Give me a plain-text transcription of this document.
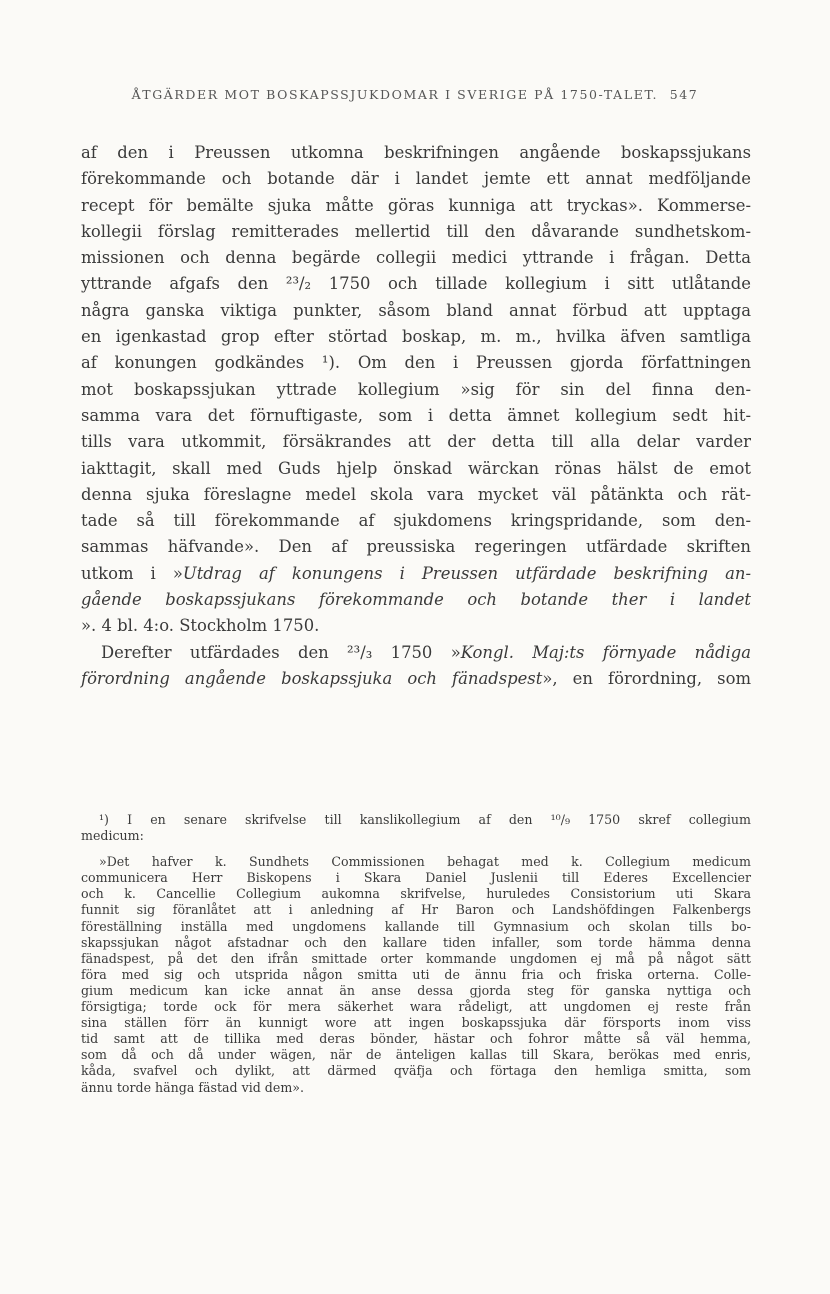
ÅTGÄRDER MOT BOSKAPSSJUKDOMAR I SVERIGE PÅ 1750-TALET. 547
af den i Preussen utkomna beskrifningen angående boskapssjukans
förekommande och botande där i landet jemte ett annat medföljande
recept för bemälte sjuka måtte göras kunniga att tryckas». Kommerse-
kollegii förslag remitterades mellertid till den dåvarande sundhetskom-
missionen och denna begärde collegii medici yttrande i frågan. Detta
yttrande afgafs den ²³/₂ 1750 och tillade kollegium i sitt utlåtande
några ganska viktiga punkter, såsom bland annat förbud att upptaga
en igenkastad grop efter störtad boskap, m. m., hvilka äfven samtliga
af konungen godkändes ¹). Om den i Preussen gjorda författningen
mot boskapssjukan yttrade kollegium »sig för sin del finna den-
samma vara det förnuftigaste, som i detta ämnet kollegium sedt hit-
tills vara utkommit, försäkrandes att der detta till alla delar varder
iakttagit, skall med Guds hjelp önskad wärckan rönas hälst de emot
denna sjuka föreslagne medel skola vara mycket väl påtänkta och rät-
tade så till förekommande af sjukdomens kringspridande, som den-
sammas häfvande». Den af preussiska regeringen utfärdade skriften
utkom i »Utdrag af konungens i Preussen utfärdade beskrifning an-
gående boskapssjukans förekommande och botande ther i landet
». 4 bl. 4:o. Stockholm 1750.
Derefter utfärdades den ²³/₃ 1750 »Kongl. Maj:ts förnyade nådiga
förordning angående boskapssjuka och fänadspest», en förordning, som
¹) I en senare skrifvelse till kanslikollegium af den ¹⁰/₉ 1750 skref collegium
medicum:
»Det hafver k. Sundhets Commissionen behagat med k. Collegium medicum
communicera Herr Biskopens i Skara Daniel Juslenii till Ederes Excellencier
och k. Cancellie Collegium aukomna skrifvelse, huruledes Consistorium uti Skara
funnit sig föranlåtet att i anledning af Hr Baron och Landshöfdingen Falkenbergs
föreställning inställa med ungdomens kallande till Gymnasium och skolan tills bo-
skapssjukan något afstadnar och den kallare tiden infaller, som torde hämma denna
fänadspest, på det den ifrån smittade orter kommande ungdomen ej må på något sätt
föra med sig och utsprida någon smitta uti de ännu fria och friska orterna. Colle-
gium medicum kan icke annat än anse dessa gjorda steg för ganska nyttiga och
försigtiga; torde ock för mera säkerhet wara rådeligt, att ungdomen ej reste från
sina ställen förr än kunnigt wore att ingen boskapssjuka där försports inom viss
tid samt att de tillika med deras bönder, hästar och fohror måtte så väl hemma,
som då och då under wägen, när de änteligen kallas till Skara, berökas med enris,
kåda, svafvel och dylikt, att därmed qväfja och förtaga den hemliga smitta, som
ännu torde hänga fästad vid dem».
